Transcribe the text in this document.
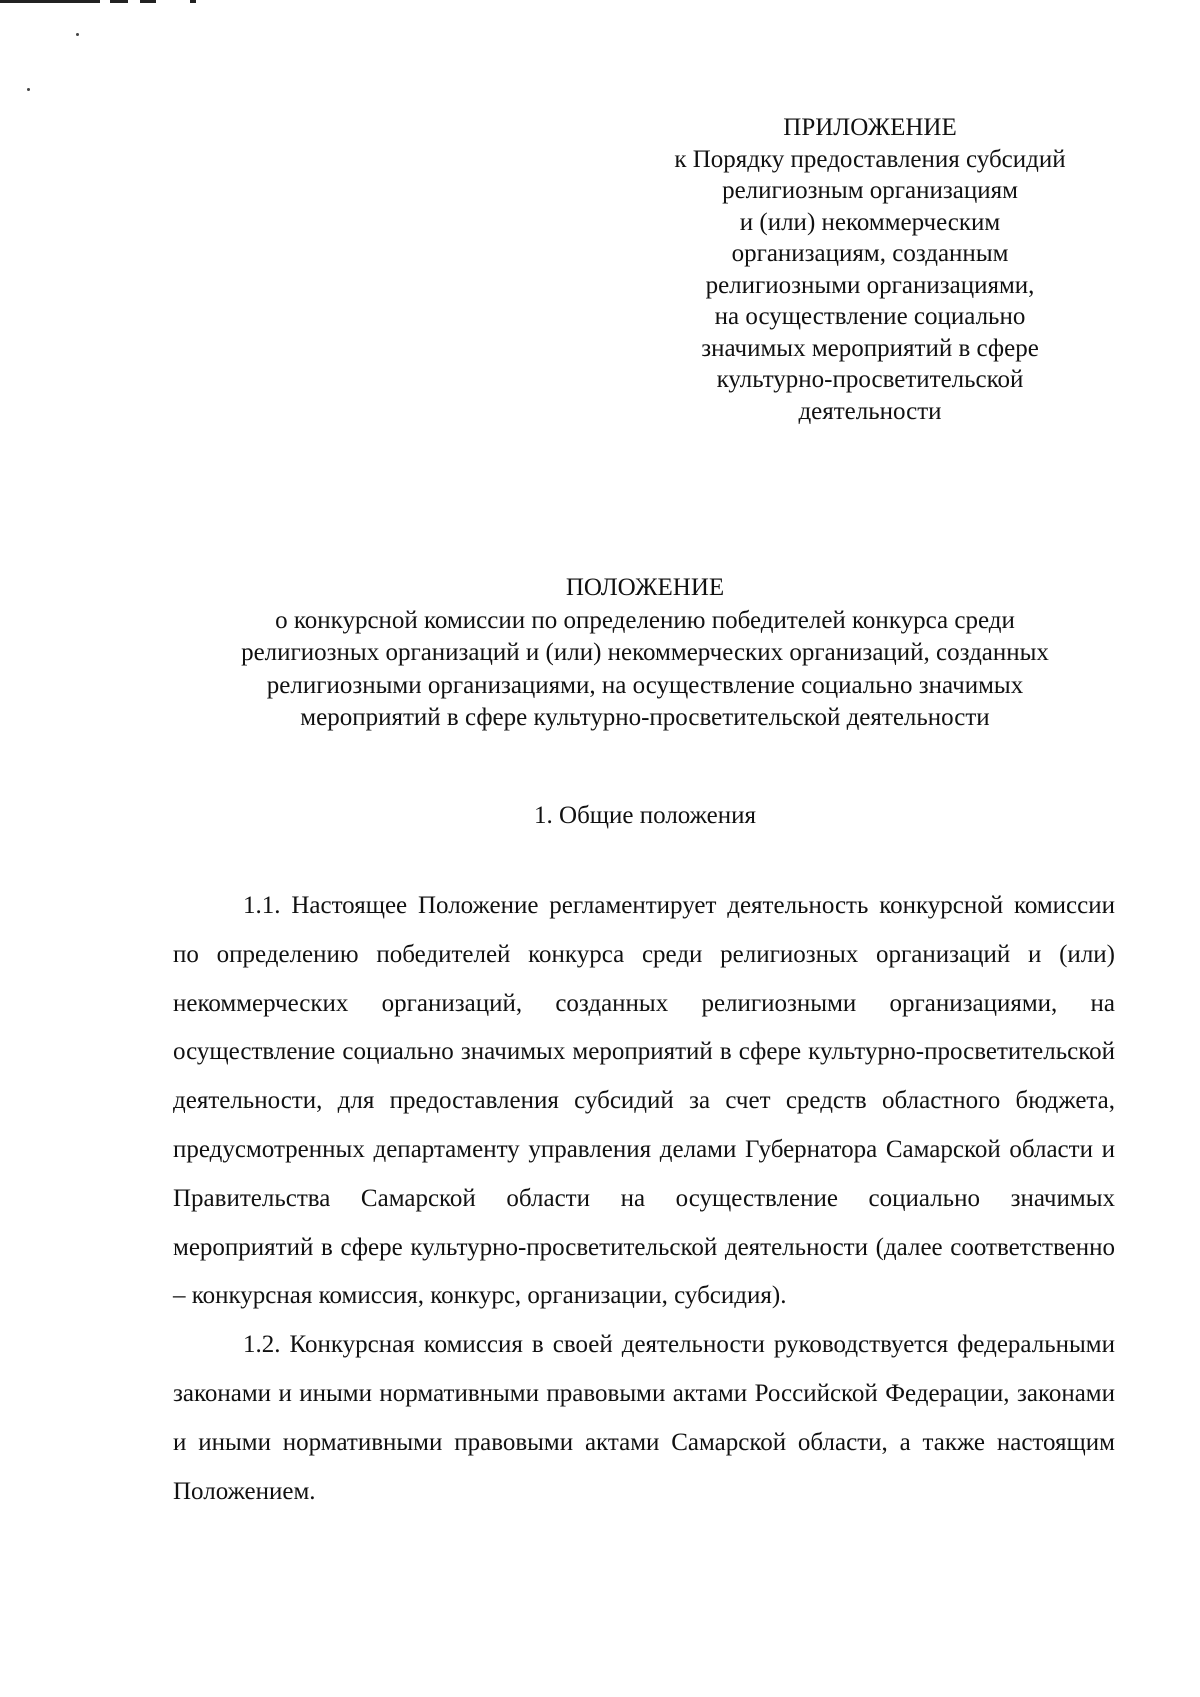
ПРИЛОЖЕНИЕ
к Порядку предоставления субсидий
религиозным организациям
и (или) некоммерческим
организациям, созданным
религиозными организациями,
на осуществление социально
значимых мероприятий в сфере
культурно-просветительской
деятельности
ПОЛОЖЕНИЕ
о конкурсной комиссии по определению победителей конкурса среди
религиозных организаций и (или) некоммерческих организаций, созданных
религиозными организациями, на осуществление социально значимых
мероприятий в сфере культурно-просветительской деятельности
1. Общие положения

1.1. Настоящее Положение регламентирует деятельность конкурсной комиссии по определению победителей конкурса среди религиозных организаций и (или) некоммерческих организаций, созданных религиозными организациями, на осуществление социально значимых мероприятий в сфере культурно-просветительской деятельности, для предоставления субсидий за счет средств областного бюджета, предусмотренных департаменту управления делами Губернатора Самарской области и Правительства Самарской области на осуществление социально значимых мероприятий в сфере культурно-просветительской деятельности (далее соответственно – конкурсная комиссия, конкурс, организации, субсидия).

1.2. Конкурсная комиссия в своей деятельности руководствуется федеральными законами и иными нормативными правовыми актами Российской Федерации, законами и иными нормативными правовыми актами Самарской области, а также настоящим Положением.
